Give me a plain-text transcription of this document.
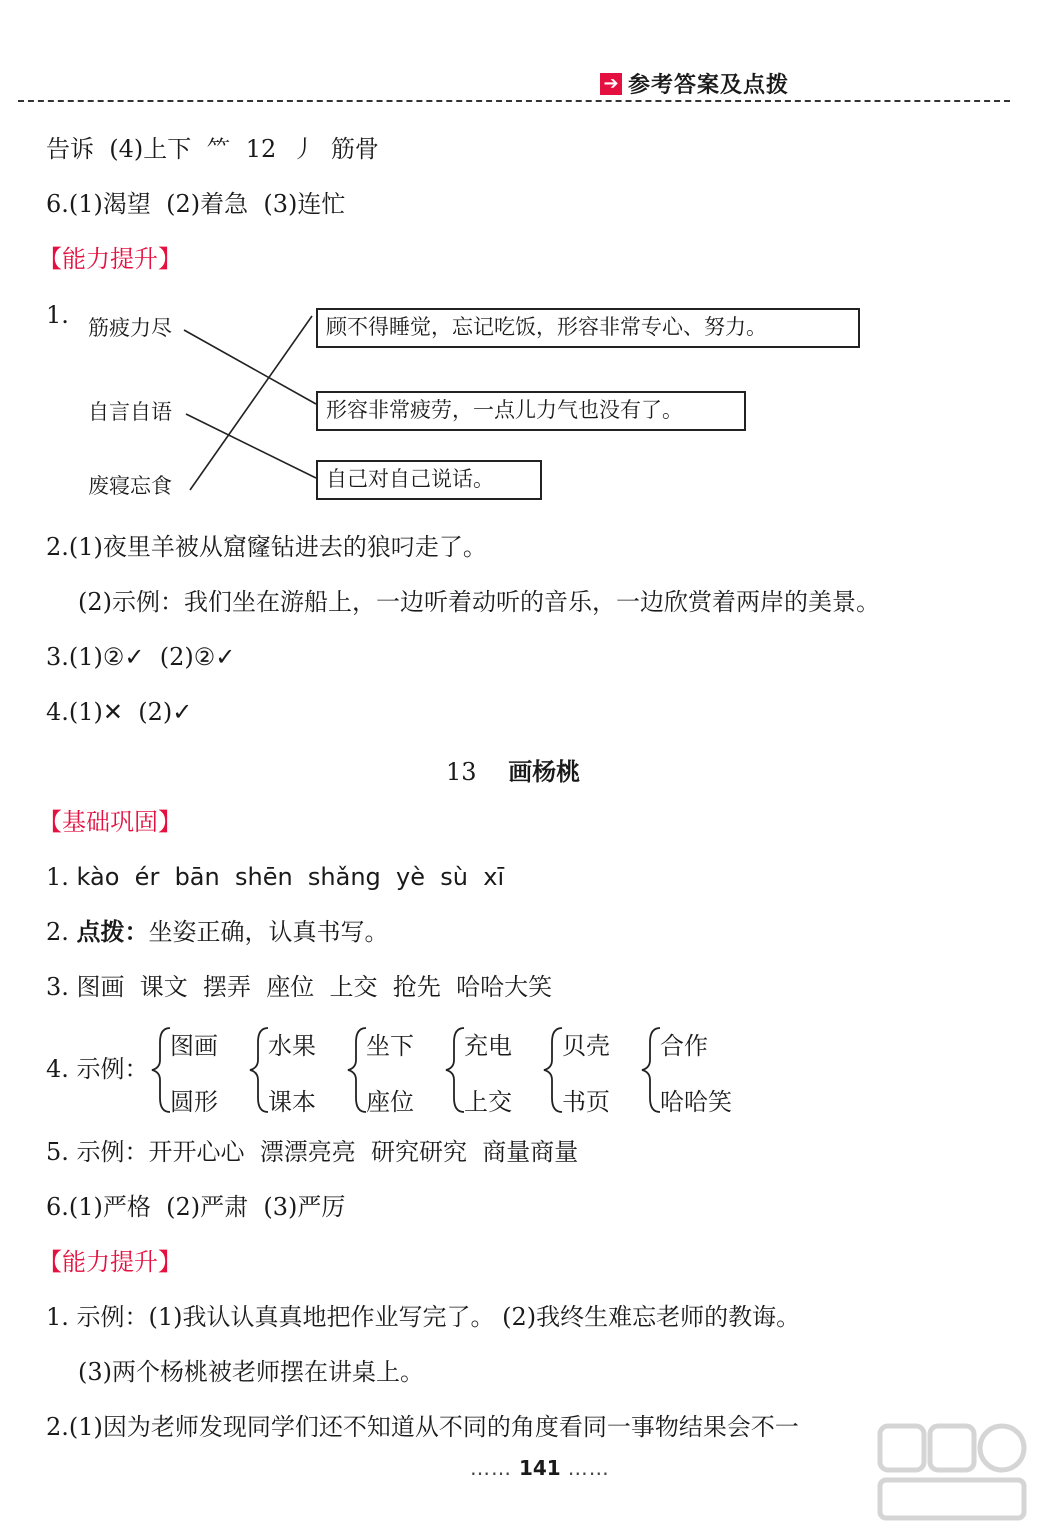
➔ 参考答案及点拨
告诉  (4)上下  ⺮  12  丿  筋骨
6.(1)渴望  (2)着急  (3)连忙
【能力提升】
1. 筋疲力尽
自言自语
废寝忘食
顾不得睡觉，忘记吃饭，形容非常专心、努力。
形容非常疲劳，一点儿力气也没有了。
自己对自己说话。
2.(1)夜里羊被从窟窿钻进去的狼叼走了。
(2)示例：我们坐在游船上，一边听着动听的音乐，一边欣赏着两岸的美景。
3.(1)②✓  (2)②✓
4.(1)✕  (2)✓
13 画杨桃
【基础巩固】
1. kào  ér  bān  shēn  shǎng  yè  sù  xī
2. 点拨：坐姿正确，认真书写。
3. 图画  课文  摆弄  座位  上交  抢先  哈哈大笑
4. 示例：
图画
圆形
水果
课本
坐下
座位
充电
上交
贝壳
书页
合作
哈哈笑
5. 示例：开开心心  漂漂亮亮  研究研究  商量商量
6.(1)严格  (2)严肃  (3)严厉
【能力提升】
1. 示例：(1)我认认真真地把作业写完了。 (2)我终生难忘老师的教诲。
(3)两个杨桃被老师摆在讲桌上。
2.(1)因为老师发现同学们还不知道从不同的角度看同一事物结果会不一
…… 141 ……
